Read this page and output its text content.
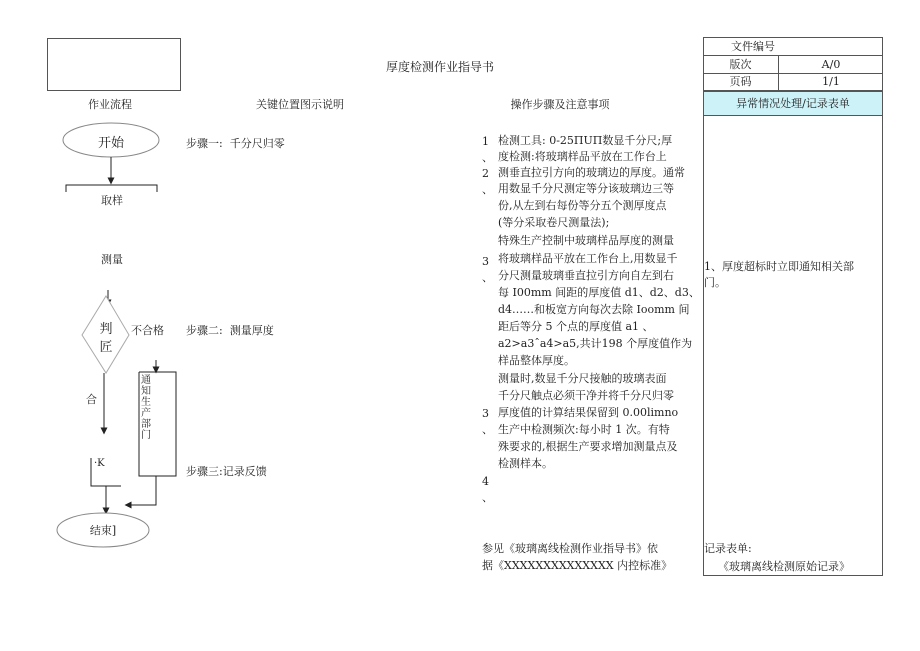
厚度检测作业指导书
文件编号
版次	A/0
页码	1/1
作业流程	关键位置图示说明	操作步骤及注意事项	异常情况处理/记录表单
开始
取样
测量
判
匠
不合格
合
·K
通
知
生
产
部
门
结束]
步骤一:  千分尺归零
步骤二:  测量厚度
步骤三:记录反馈
1
、
2
、
3
、
3
、
4
、
检测工具: 0-25ΠUΠ数显千分尺;厚
度检测:将玻璃样品平放在工作台上
测垂直拉引方向的玻璃边的厚度。通常
用数显千分尺测定等分该玻璃边三等
份,从左到右每份等分五个测厚度点
(等分采取卷尺测量法);
特殊生产控制中玻璃样品厚度的测量
将玻璃样品平放在工作台上,用数显千
分尺测量玻璃垂直拉引方向自左到右
每 I00mm 间距的厚度值 d1、d2、d3、
d4……和板宽方向每次去除 Ioomm 间
距后等分 5 个点的厚度值 a1 、
a2>a3ˆa4>a5,共计198 个厚度值作为
样品整体厚度。
测量时,数显千分尺接触的玻璃表面
千分尺触点必须干净并将千分尺归零
厚度值的计算结果保留到 0.00limno
生产中检测频次:每小时 1 次。有特
殊要求的,根据生产要求增加测量点及
检测样本。
参见《玻璃离线检测作业指导书》依
据《XXXXXXXXXXXXXX 内控标准》
1、厚度超标时立即通知相关部
门。
记录表单:
《玻璃离线检测原始记录》
